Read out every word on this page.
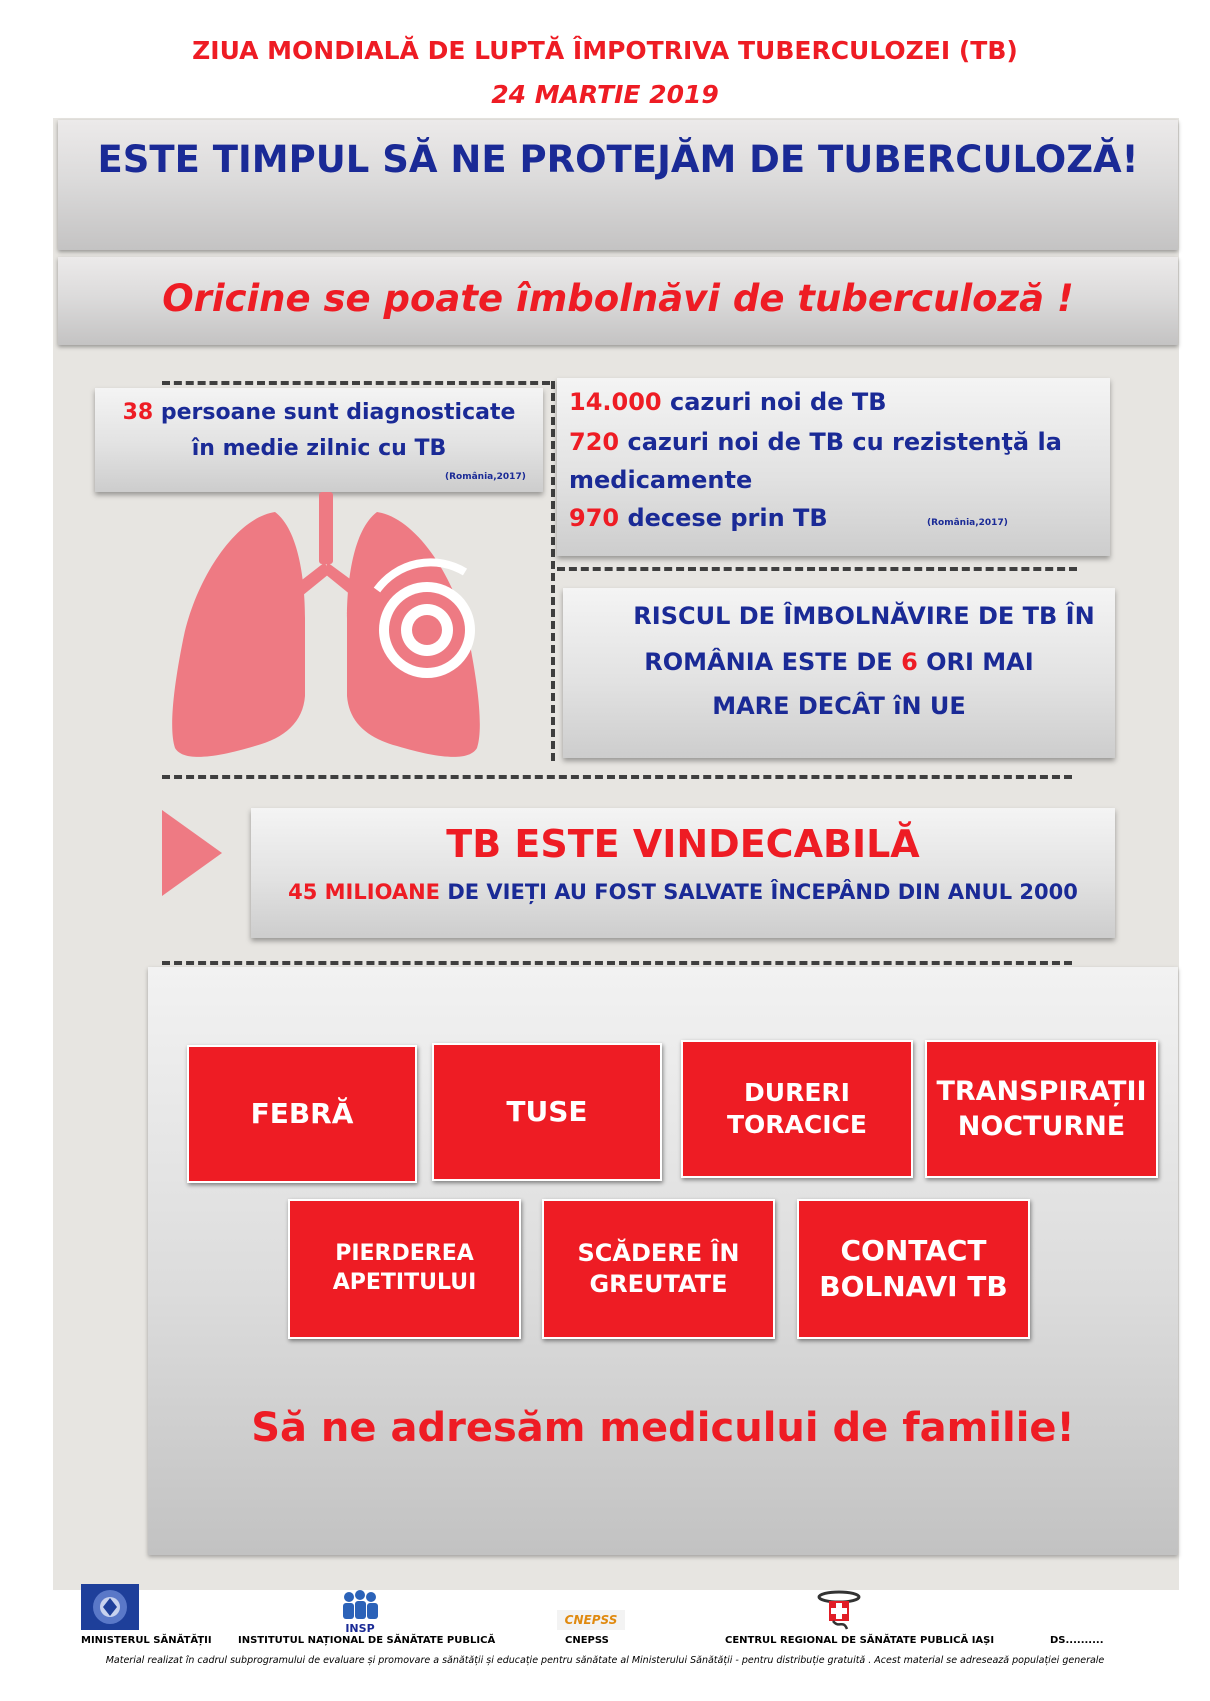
ZIUA MONDIALĂ DE LUPTĂ ÎMPOTRIVA TUBERCULOZEI (TB)
24 MARTIE 2019
ESTE TIMPUL SĂ NE PROTEJĂM DE TUBERCULOZĂ!
Oricine se poate îmbolnăvi de tuberculoză !
38 persoane sunt diagnosticate
în medie zilnic cu TB
(România,2017)
14.000 cazuri noi de TB
720 cazuri noi de TB cu rezistenţă la
medicamente
970 decese prin TB	(România,2017)
RISCUL DE ÎMBOLNĂVIRE DE TB ÎN
ROMÂNIA ESTE DE 6 ORI MAI
MARE DECÂT îN UE
TB ESTE VINDECABILĂ
45 MILIOANE DE VIEȚI AU FOST SALVATE ÎNCEPÂND DIN ANUL 2000
FEBRĂ	TUSE
DURERI
TORACICE
TRANSPIRAȚII
NOCTURNE
PIERDEREA
APETITULUI
SCĂDERE ÎN
GREUTATE
CONTACT
BOLNAVI TB
Să ne adresăm medicului de familie!
INSP
CNEPSS
MINISTERUL SĂNĂTĂȚII	INSTITUTUL NAȚIONAL DE SĂNĂTATE PUBLICĂ	CNEPSS	CENTRUL REGIONAL DE SĂNĂTATE PUBLICĂ IAȘI	DS..........
Material realizat în cadrul subprogramului de evaluare și promovare a sănătății și educație pentru sănătate al Ministerului Sănătății - pentru distribuție gratuită . Acest material se adresează populației generale
